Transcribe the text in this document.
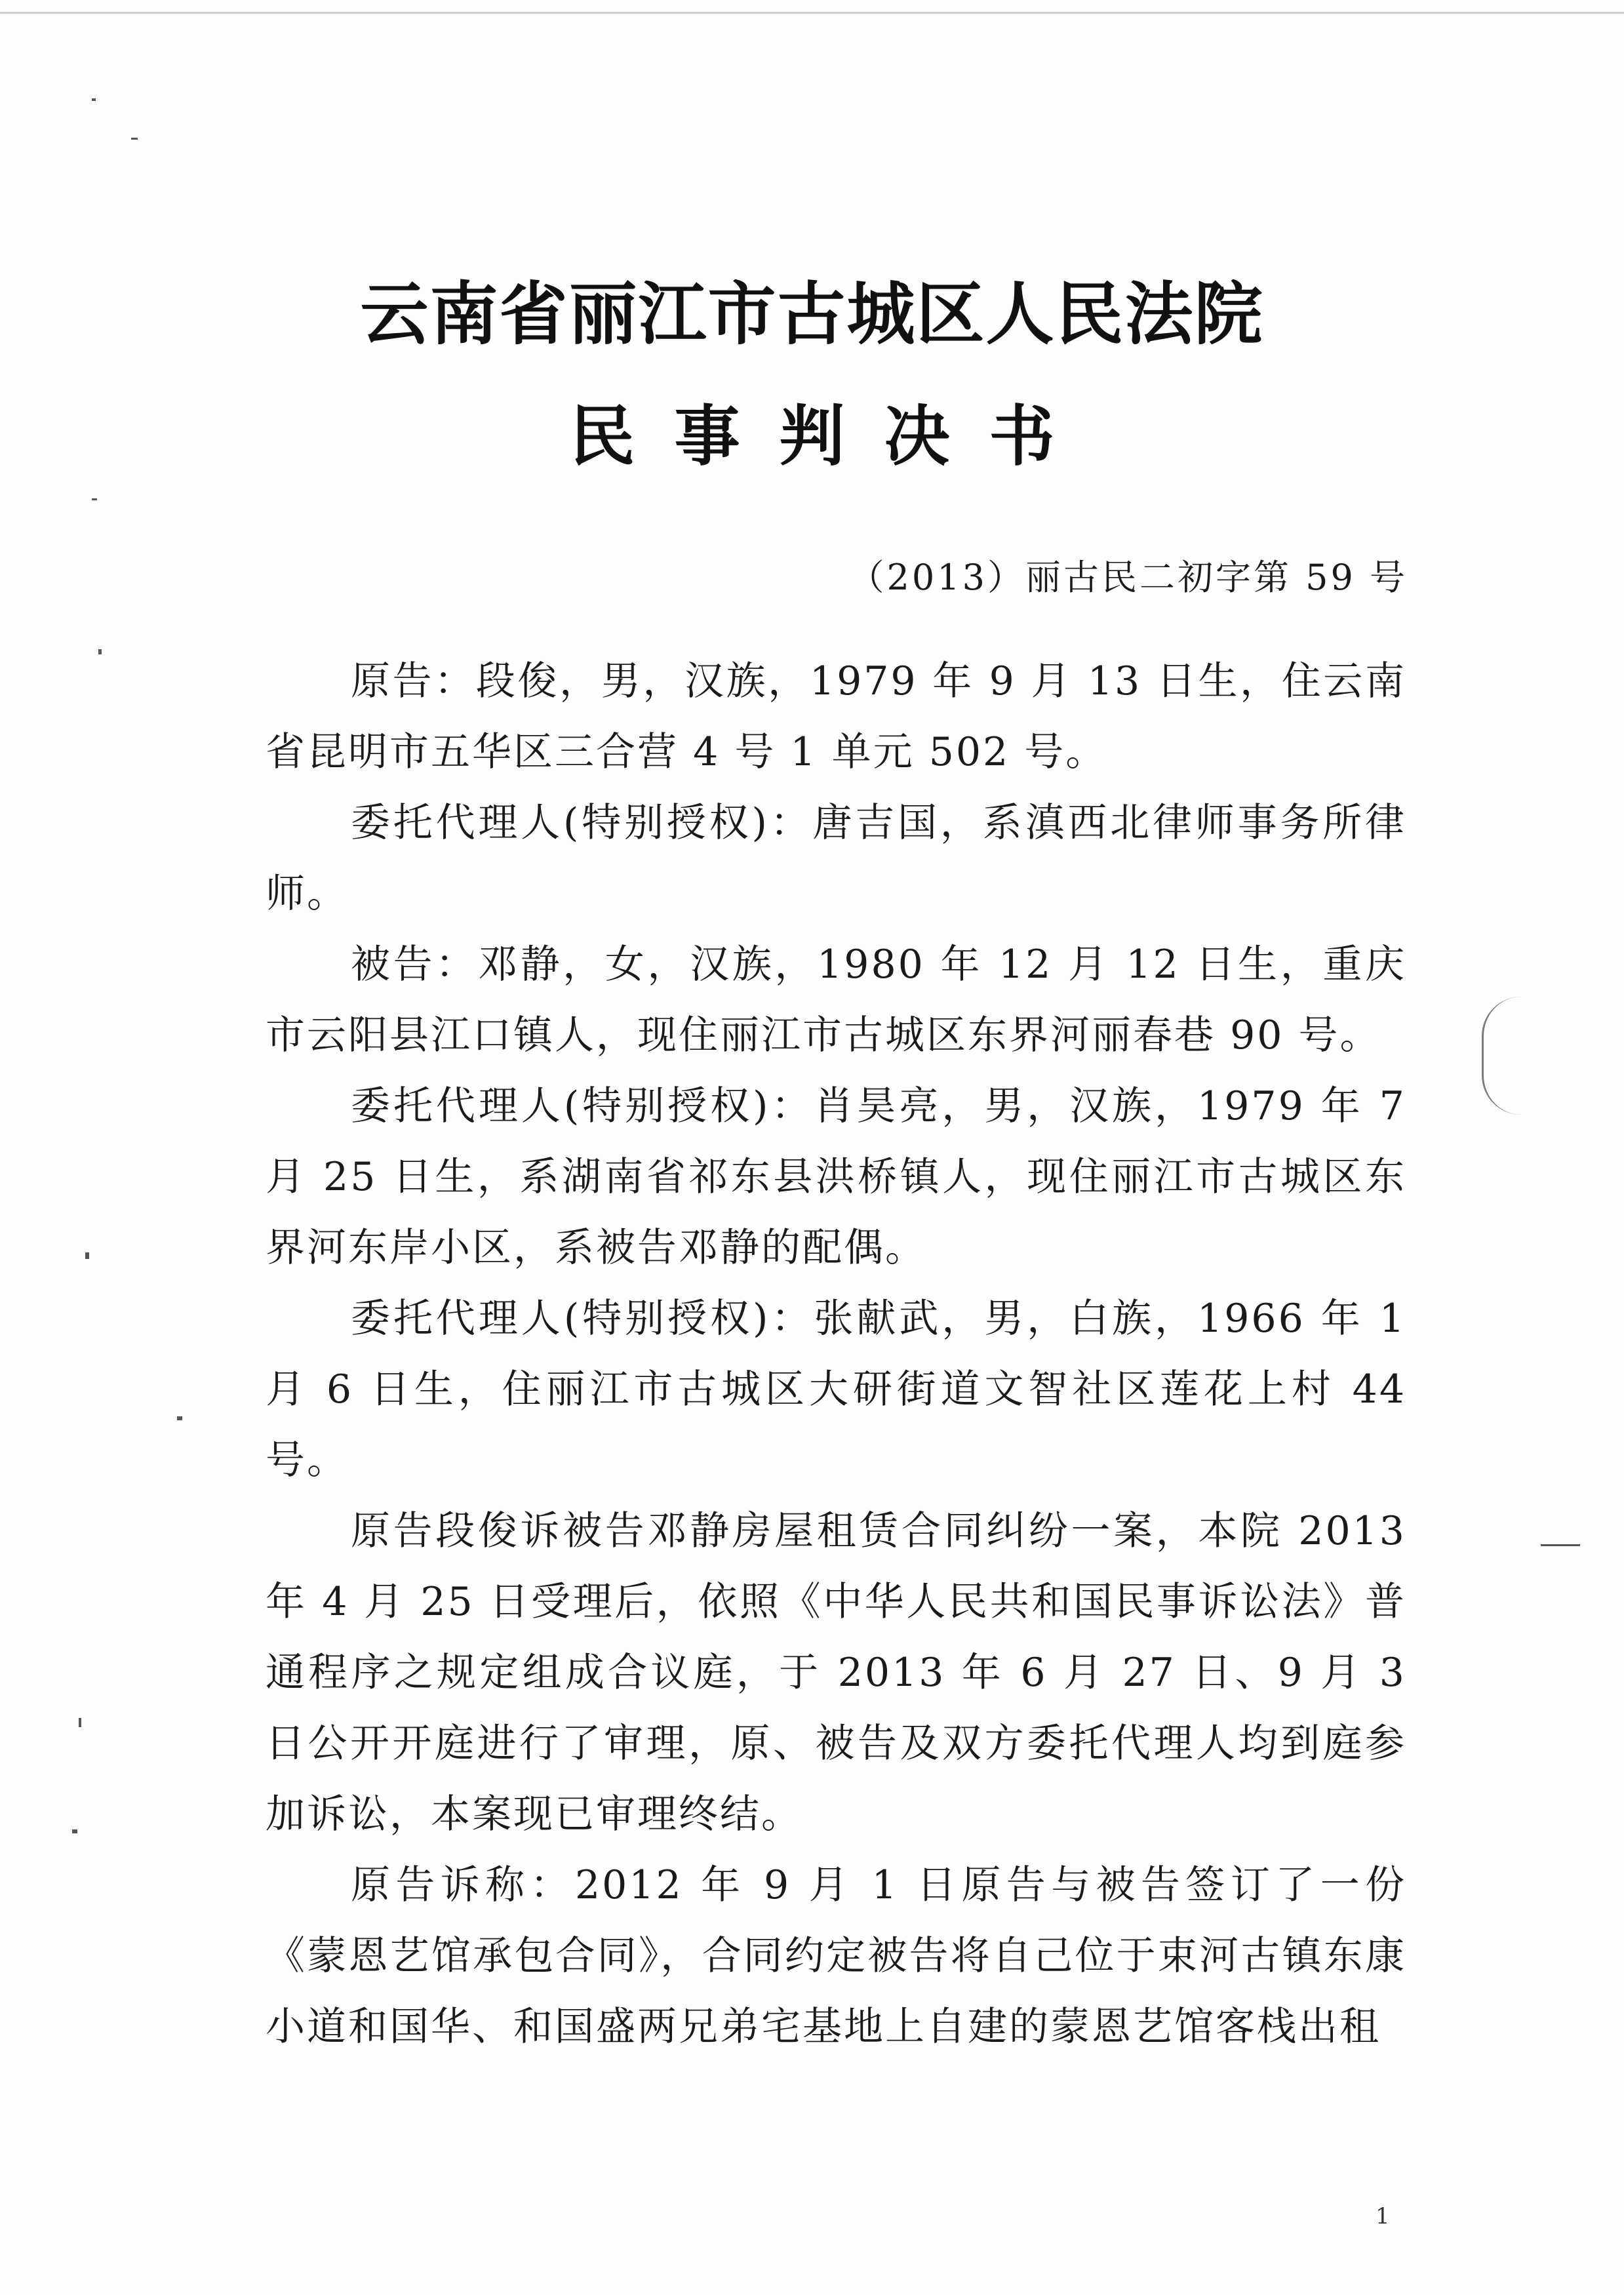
云南省丽江市古城区人民法院
民事判决书
（2013）丽古民二初字第 59 号

原告：段俊，男，汉族，1979 年 9 月 13 日生，住云南省昆明市五华区三合营 4 号 1 单元 502 号。

委托代理人(特别授权)：唐吉国，系滇西北律师事务所律师。

被告：邓静，女，汉族，1980 年 12 月 12 日生，重庆市云阳县江口镇人，现住丽江市古城区东界河丽春巷 90 号。

委托代理人(特别授权)：肖昊亮，男，汉族，1979 年 7 月 25 日生，系湖南省祁东县洪桥镇人，现住丽江市古城区东界河东岸小区，系被告邓静的配偶。

委托代理人(特别授权)：张献武，男，白族，1966 年 1 月 6 日生，住丽江市古城区大研街道文智社区莲花上村 44 号。

原告段俊诉被告邓静房屋租赁合同纠纷一案，本院 2013 年 4 月 25 日受理后，依照《中华人民共和国民事诉讼法》普通程序之规定组成合议庭，于 2013 年 6 月 27 日、9 月 3 日公开开庭进行了审理，原、被告及双方委托代理人均到庭参加诉讼，本案现已审理终结。

原告诉称：2012 年 9 月 1 日原告与被告签订了一份《蒙恩艺馆承包合同》，合同约定被告将自己位于束河古镇东康小道和国华、和国盛两兄弟宅基地上自建的蒙恩艺馆客栈出租

1
